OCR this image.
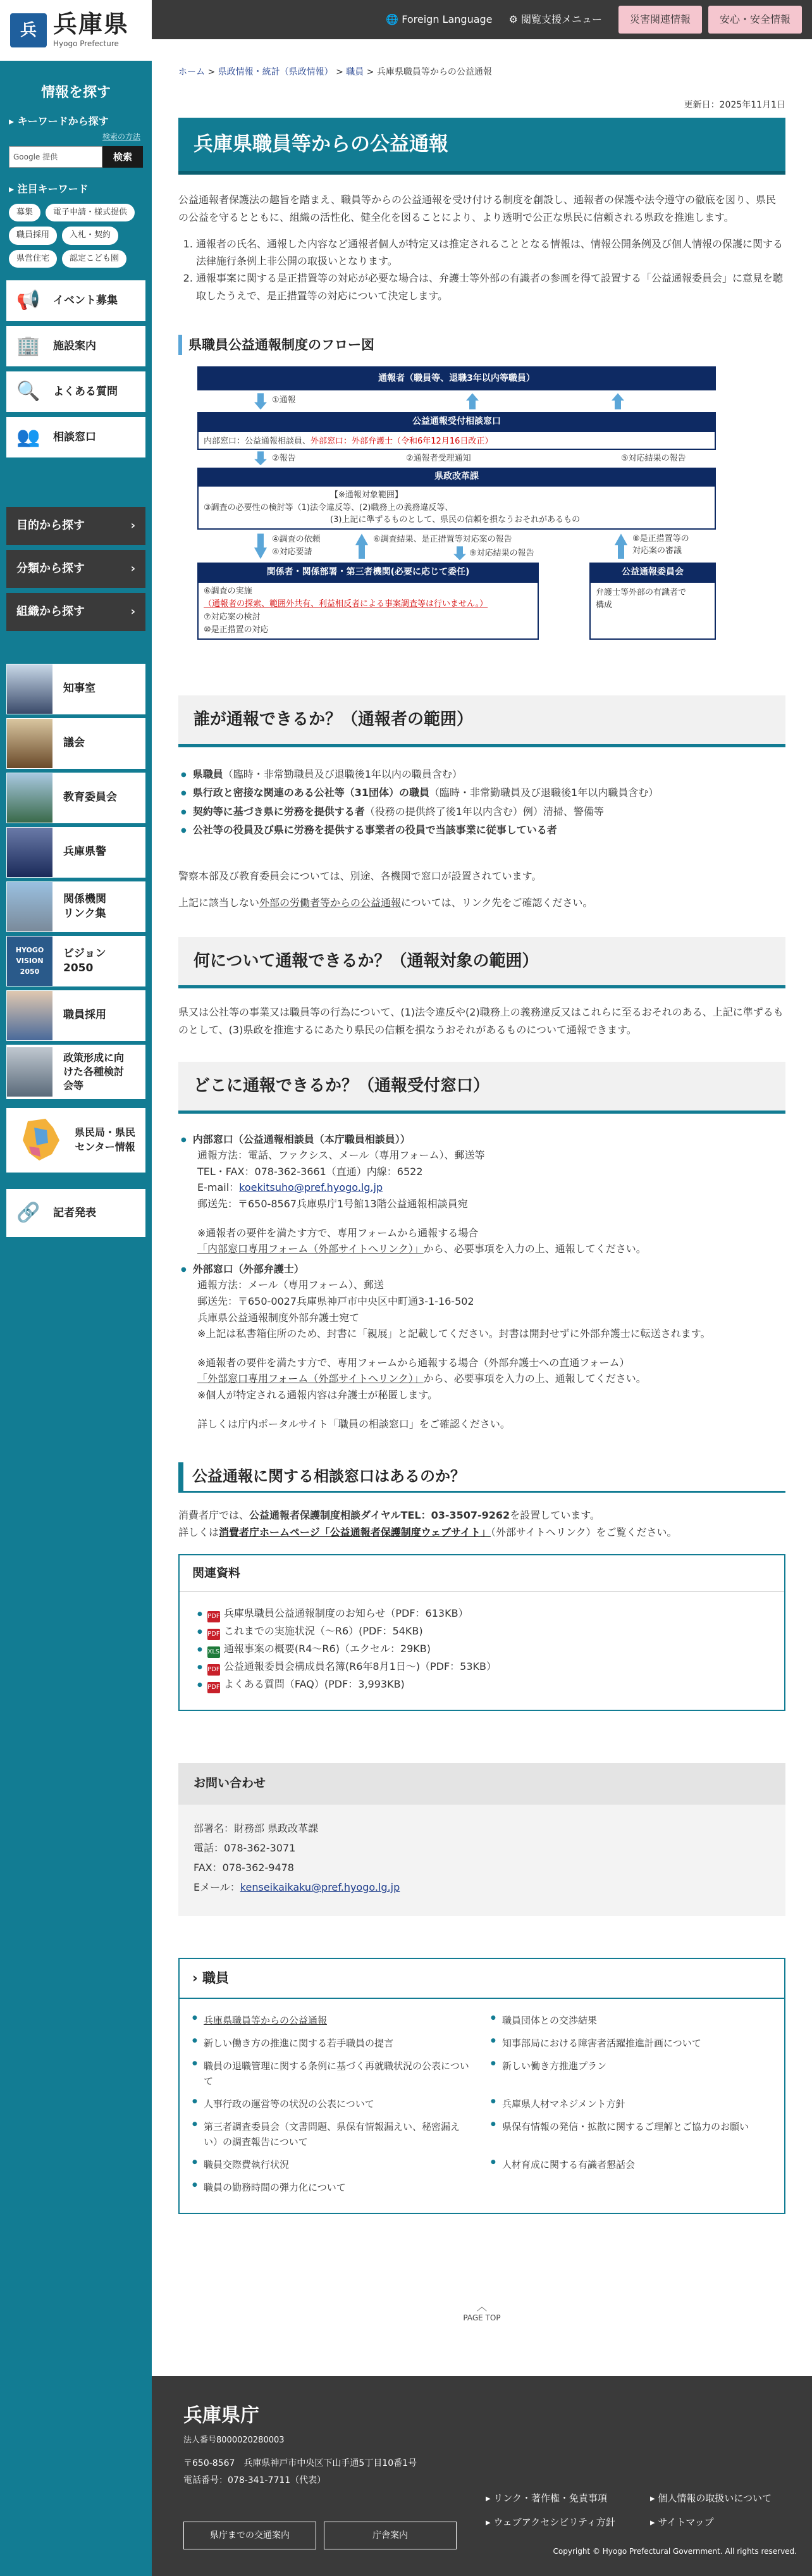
兵 兵庫県
Hyogo Prefecture
情報を探す
▸ キーワードから探す
検索の方法
Google 提供	検索
▸ 注目キーワード
募集	電子申請・様式提供
職員採用	入札・契約
県営住宅	認定こども園
📢 イベント募集
🏢 施設案内
🔍 よくある質問
👥 相談窓口
目的から探す	›
分類から探す	›
組織から探す	›
知事室
議会
教育委員会
兵庫県警
関係機関
リンク集
HYOGO
VISION
2050
ビジョン
2050
職員採用
政策形成に向
けた各種検討
会等
県民局・県民
センター情報
🔗 記者発表
🌐 Foreign Language ⚙ 閲覧支援メニュー	災害関連情報	安心・安全情報
ホーム > 県政情報・統計（県政情報） > 職員 > 兵庫県職員等からの公益通報
更新日：2025年11月1日
兵庫県職員等からの公益通報

公益通報者保護法の趣旨を踏まえ、職員等からの公益通報を受け付ける制度を創設し、通報者の保護や法令遵守の徹底を図り、県民の公益を守るとともに、組織の活性化、健全化を図ることにより、より透明で公正な県民に信頼される県政を推進します。

1. 通報者の氏名、通報した内容など通報者個人が特定又は推定されることとなる情報は、情報公開条例及び個人情報の保護に関する法律施行条例上非公開の取扱いとなります。
2. 通報事案に関する是正措置等の対応が必要な場合は、弁護士等外部の有識者の参画を得て設置する「公益通報委員会」に意見を聴取したうえで、是正措置等の対応について決定します。
県職員公益通報制度のフロー図
通報者（職員等、退職3年以内等職員）
①通報
公益通報受付相談窓口
内部窓口：公益通報相談員、外部窓口：外部弁護士（令和6年12月16日改正）
②報告	②通報者受理通知	⑤対応結果の報告
県政改革課
【※通報対象範囲】
③調査の必要性の検討等（1)法令違反等、(2)職務上の義務違反等、
(3)上記に準ずるものとして、県民の信頼を損なうおそれがあるもの
④調査の依頼
④対応要請
⑥調査結果、是正措置等対応案の報告
⑨対応結果の報告
⑧是正措置等の
対応案の審議
関係者・関係部署・第三者機関(必要に応じて委任)
⑥調査の実施
（通報者の探索、範囲外共有、利益相反者による事案調査等は行いません。）
⑦対応案の検討
⑩是正措置の対応
公益通報委員会
弁護士等外部の有識者で
構成
誰が通報できるか？（通報者の範囲）
● 県職員（臨時・非常勤職員及び退職後1年以内の職員含む）
● 県行政と密接な関連のある公社等（31団体）の職員（臨時・非常勤職員及び退職後1年以内職員含む）
● 契約等に基づき県に労務を提供する者（役務の提供終了後1年以内含む）例）清掃、警備等
● 公社等の役員及び県に労務を提供する事業者の役員で当該事業に従事している者

警察本部及び教育委員会については、別途、各機関で窓口が設置されています。

上記に該当しない外部の労働者等からの公益通報については、リンク先をご確認ください。

何について通報できるか？（通報対象の範囲）

県又は公社等の事業又は職員等の行為について、(1)法令違反や(2)職務上の義務違反又はこれらに至るおそれのある、上記に準ずるものとして、(3)県政を推進するにあたり県民の信頼を損なうおそれがあるものについて通報できます。

どこに通報できるか？（通報受付窓口）
● 内部窓口（公益通報相談員（本庁職員相談員））
通報方法：電話、ファクシス、メール（専用フォーム）、郵送等
TEL・FAX：078-362-3661（直通）内線：6522
E-mail：koekitsuho@pref.hyogo.lg.jp
郵送先：〒650-8567兵庫県庁1号館13階公益通報相談員宛
※通報者の要件を満たす方で、専用フォームから通報する場合
「内部窓口専用フォーム（外部サイトへリンク）」から、必要事項を入力の上、通報してください。
● 外部窓口（外部弁護士）
通報方法：メール（専用フォーム）、郵送
郵送先：〒650-0027兵庫県神戸市中央区中町通3-1-16-502
兵庫県公益通報制度外部弁護士宛て
※上記は私書箱住所のため、封書に「親展」と記載してください。封書は開封せずに外部弁護士に転送されます。
※通報者の要件を満たす方で、専用フォームから通報する場合（外部弁護士への直通フォーム）
「外部窓口専用フォーム（外部サイトへリンク）」から、必要事項を入力の上、通報してください。
※個人が特定される通報内容は弁護士が秘匿します。
詳しくは庁内ポータルサイト「職員の相談窓口」をご確認ください。
公益通報に関する相談窓口はあるのか？

消費者庁では、公益通報者保護制度相談ダイヤルTEL：03-3507-9262を設置しています。
詳しくは消費者庁ホームページ「公益通報者保護制度ウェブサイト」（外部サイトへリンク）をご覧ください。

関連資料
● PDF 兵庫県職員公益通報制度のお知らせ（PDF：613KB）
● PDF これまでの実施状況（～R6）(PDF：54KB)
● XLS 通報事案の概要(R4～R6)（エクセル：29KB)
● PDF 公益通報委員会構成員名簿(R6年8月1日～)（PDF：53KB）
● PDF よくある質問（FAQ）(PDF：3,993KB)
お問い合わせ
部署名：財務部 県政改革課
電話：078-362-3071
FAX：078-362-9478
Eメール：kenseikaikaku@pref.hyogo.lg.jp
› 職員
● 兵庫県職員等からの公益通報	● 職員団体との交渉結果
● 新しい働き方の推進に関する若手職員の提言	● 知事部局における障害者活躍推進計画について
● 職員の退職管理に関する条例に基づく再就職状況の公表について
● 新しい働き方推進プラン
● 人事行政の運営等の状況の公表について	● 兵庫県人材マネジメント方針
● 第三者調査委員会（文書問題、県保有情報漏えい、秘密漏えい）の調査報告について
● 県保有情報の発信・拡散に関するご理解とご協力のお願い
● 職員交際費執行状況	● 人材育成に関する有識者懇話会
● 職員の勤務時間の弾力化について
︿
PAGE TOP
兵庫県庁
法人番号8000020280003
〒650-8567　兵庫県神戸市中央区下山手通5丁目10番1号
電話番号：078-341-7711（代表）
県庁までの交通案内	庁舎案内
▸ リンク・著作権・免責事項	▸ 個人情報の取扱いについて
▸ ウェブアクセシビリティ方針	▸ サイトマップ
Copyright © Hyogo Prefectural Government. All rights reserved.
